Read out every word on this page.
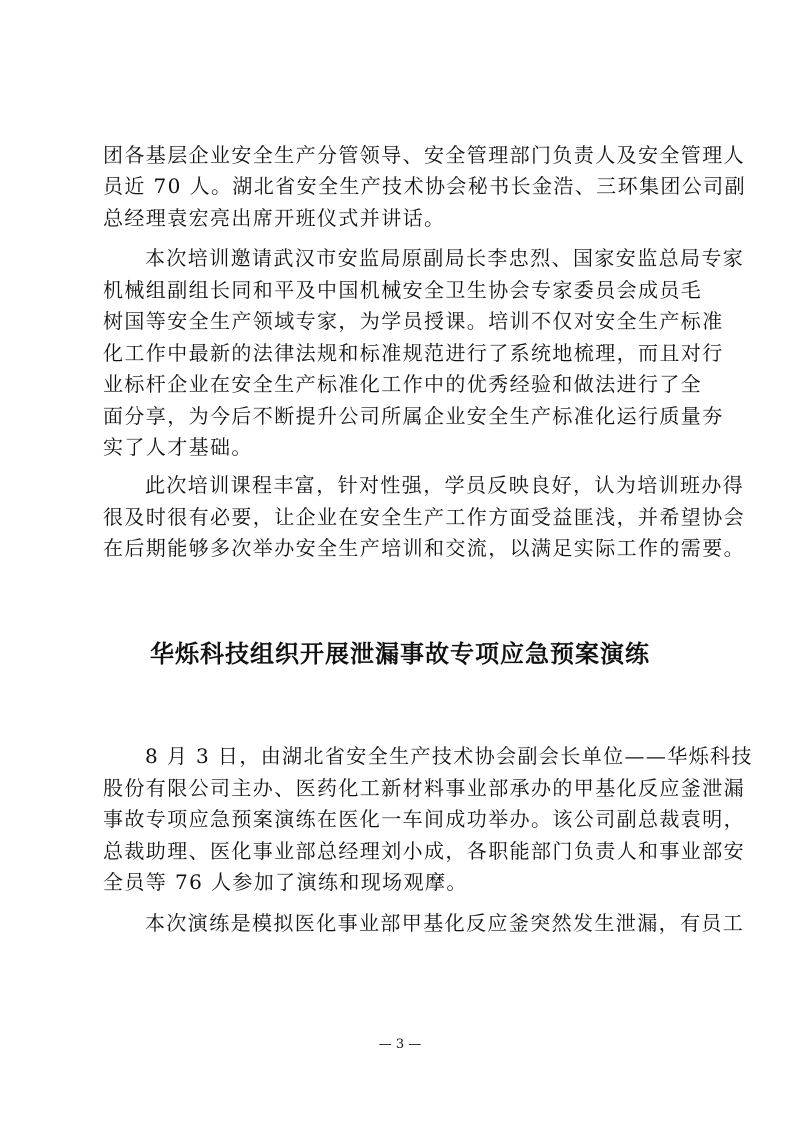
团各基层企业安全生产分管领导、安全管理部门负责人及安全管理人
员近 70 人。湖北省安全生产技术协会秘书长金浩、三环集团公司副
总经理袁宏亮出席开班仪式并讲话。
本次培训邀请武汉市安监局原副局长李忠烈、国家安监总局专家
机械组副组长同和平及中国机械安全卫生协会专家委员会成员毛
树国等安全生产领域专家，为学员授课。培训不仅对安全生产标准
化工作中最新的法律法规和标准规范进行了系统地梳理，而且对行
业标杆企业在安全生产标准化工作中的优秀经验和做法进行了全
面分享，为今后不断提升公司所属企业安全生产标准化运行质量夯
实了人才基础。
此次培训课程丰富，针对性强，学员反映良好，认为培训班办得
很及时很有必要，让企业在安全生产工作方面受益匪浅，并希望协会
在后期能够多次举办安全生产培训和交流，以满足实际工作的需要。
华烁科技组织开展泄漏事故专项应急预案演练
8 月 3 日，由湖北省安全生产技术协会副会长单位——华烁科技
股份有限公司主办、医药化工新材料事业部承办的甲基化反应釜泄漏
事故专项应急预案演练在医化一车间成功举办。该公司副总裁袁明，
总裁助理、医化事业部总经理刘小成，各职能部门负责人和事业部安
全员等 76 人参加了演练和现场观摩。
本次演练是模拟医化事业部甲基化反应釜突然发生泄漏，有员工
— 3 —
